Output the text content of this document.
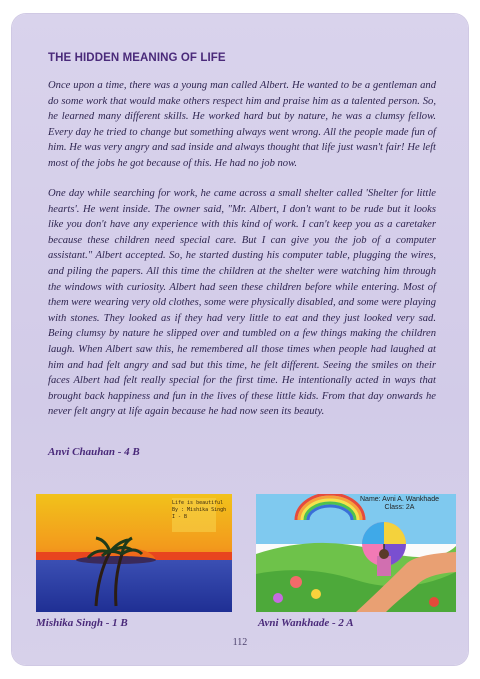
THE HIDDEN MEANING OF LIFE

Once upon a time, there was a young man called Albert. He wanted to be a gentleman and do some work that would make others respect him and praise him as a talented person. So, he learned many different skills. He worked hard but by nature, he was a clumsy fellow. Every day he tried to change but something always went wrong. All the people made fun of him. He was very angry and sad inside and always thought that life just wasn't fair! He left most of the jobs he got because of this. He had no job now.

One day while searching for work, he came across a small shelter called 'Shelter for little hearts'. He went inside. The owner said, "Mr. Albert, I don't want to be rude but it looks like you don't have any experience with this kind of work. I can't keep you as a caretaker because these children need special care. But I can give you the job of a computer assistant." Albert accepted. So, he started dusting his computer table, plugging the wires, and piling the papers. All this time the children at the shelter were watching him through the windows with curiosity. Albert had seen these children before while entering. Most of them were wearing very old clothes, some were physically disabled, and some were playing with stones. They looked as if they had very little to eat and they just looked very sad. Being clumsy by nature he slipped over and tumbled on a few things making the children laugh. When Albert saw this, he remembered all those times when people had laughed at him and had felt angry and sad but this time, he felt different. Seeing the smiles on their faces Albert had felt really special for the first time. He intentionally acted in ways that brought back happiness and fun in the lives of these little kids. From that day onwards he never felt angry at life again because he had now seen its beauty.

Anvi Chauhan - 4 B
Life is beautiful
By : Mishika Singh
I - B
Name: Avni A. Wankhade
Class: 2A
Mishika Singh - 1 B	Avni Wankhade - 2 A
112
